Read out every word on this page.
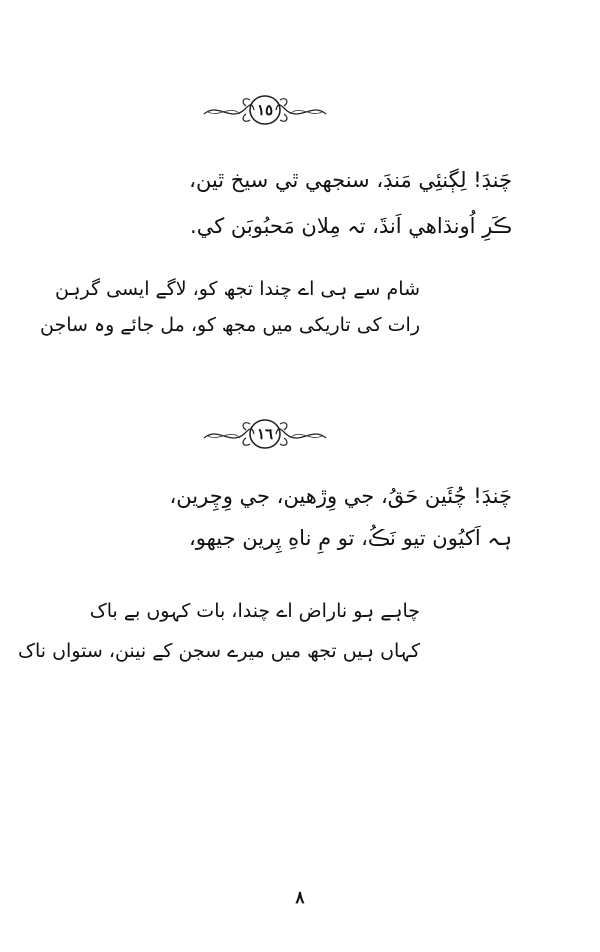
١٥
چَنڊَ! لِڳنئِي مَنڊَ، سنجهي ٿي سيخ ٿين،
ڪَرِ اُونڌاهي اَنڌَ، تہ مِلان مَحبُوبَن کي.
شام سے ہی اے چندا تجھ کو، لاگے ایسی گرہن
رات کی تاریکی میں مجھ کو، مل جائے وہ ساجن
١٦
چَنڊَ! چُئَين حَقُ، جي وِڙهين، جي وِچِرين،
ہہ اَکيُون تيو نَڪُ، تو مِ ناهِ پِرين جيهو،
چاہے ہو ناراض اے چندا، بات کہوں بے باک
کہاں ہیں تجھ میں میرے سجن کے نینن، ستواں ناک
٨
